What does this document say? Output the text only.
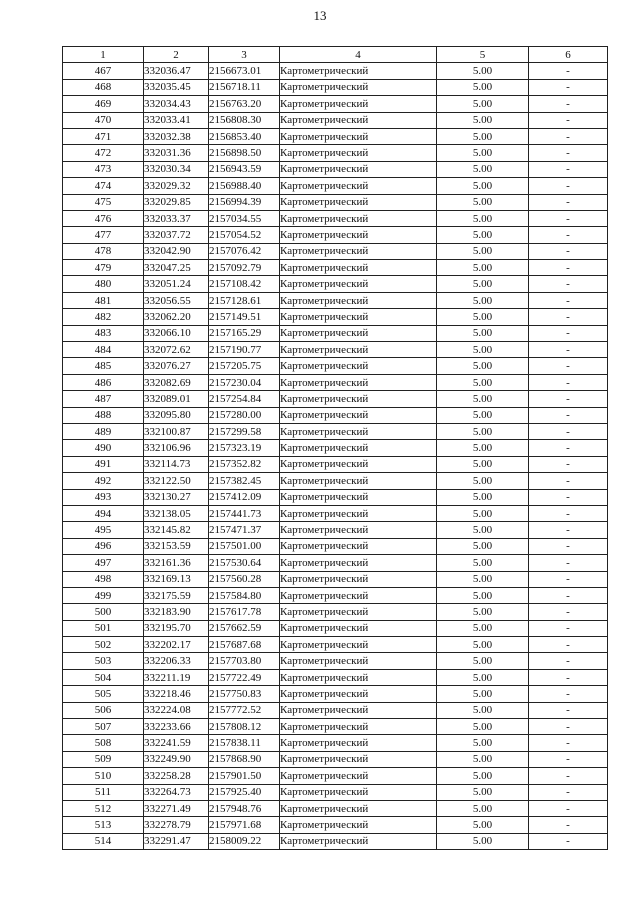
13
1	2	3	4	5	6
467	332036.47	2156673.01	Картометрический	5.00	-
468	332035.45	2156718.11	Картометрический	5.00	-
469	332034.43	2156763.20	Картометрический	5.00	-
470	332033.41	2156808.30	Картометрический	5.00	-
471	332032.38	2156853.40	Картометрический	5.00	-
472	332031.36	2156898.50	Картометрический	5.00	-
473	332030.34	2156943.59	Картометрический	5.00	-
474	332029.32	2156988.40	Картометрический	5.00	-
475	332029.85	2156994.39	Картометрический	5.00	-
476	332033.37	2157034.55	Картометрический	5.00	-
477	332037.72	2157054.52	Картометрический	5.00	-
478	332042.90	2157076.42	Картометрический	5.00	-
479	332047.25	2157092.79	Картометрический	5.00	-
480	332051.24	2157108.42	Картометрический	5.00	-
481	332056.55	2157128.61	Картометрический	5.00	-
482	332062.20	2157149.51	Картометрический	5.00	-
483	332066.10	2157165.29	Картометрический	5.00	-
484	332072.62	2157190.77	Картометрический	5.00	-
485	332076.27	2157205.75	Картометрический	5.00	-
486	332082.69	2157230.04	Картометрический	5.00	-
487	332089.01	2157254.84	Картометрический	5.00	-
488	332095.80	2157280.00	Картометрический	5.00	-
489	332100.87	2157299.58	Картометрический	5.00	-
490	332106.96	2157323.19	Картометрический	5.00	-
491	332114.73	2157352.82	Картометрический	5.00	-
492	332122.50	2157382.45	Картометрический	5.00	-
493	332130.27	2157412.09	Картометрический	5.00	-
494	332138.05	2157441.73	Картометрический	5.00	-
495	332145.82	2157471.37	Картометрический	5.00	-
496	332153.59	2157501.00	Картометрический	5.00	-
497	332161.36	2157530.64	Картометрический	5.00	-
498	332169.13	2157560.28	Картометрический	5.00	-
499	332175.59	2157584.80	Картометрический	5.00	-
500	332183.90	2157617.78	Картометрический	5.00	-
501	332195.70	2157662.59	Картометрический	5.00	-
502	332202.17	2157687.68	Картометрический	5.00	-
503	332206.33	2157703.80	Картометрический	5.00	-
504	332211.19	2157722.49	Картометрический	5.00	-
505	332218.46	2157750.83	Картометрический	5.00	-
506	332224.08	2157772.52	Картометрический	5.00	-
507	332233.66	2157808.12	Картометрический	5.00	-
508	332241.59	2157838.11	Картометрический	5.00	-
509	332249.90	2157868.90	Картометрический	5.00	-
510	332258.28	2157901.50	Картометрический	5.00	-
511	332264.73	2157925.40	Картометрический	5.00	-
512	332271.49	2157948.76	Картометрический	5.00	-
513	332278.79	2157971.68	Картометрический	5.00	-
514	332291.47	2158009.22	Картометрический	5.00	-
